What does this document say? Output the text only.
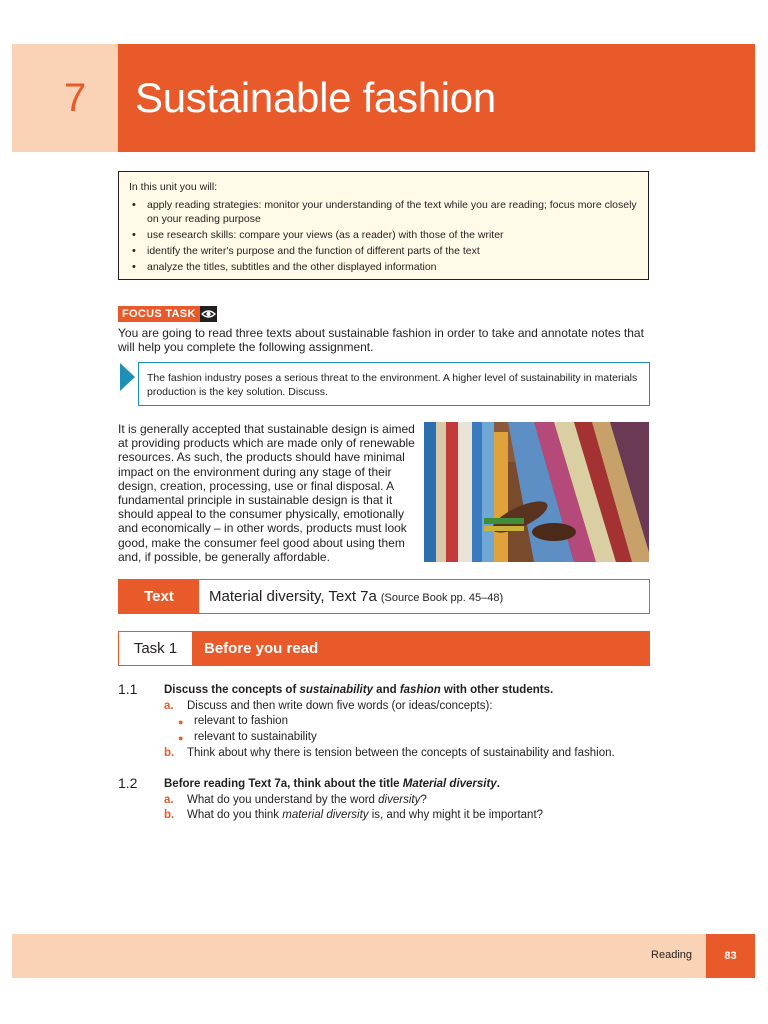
7 Sustainable fashion
In this unit you will:
• apply reading strategies: monitor your understanding of the text while you are reading; focus more closely on your reading purpose
• use research skills: compare your views (as a reader) with those of the writer
• identify the writer's purpose and the function of different parts of the text
• analyze the titles, subtitles and the other displayed information
FOCUS TASK
You are going to read three texts about sustainable fashion in order to take and annotate notes that will help you complete the following assignment.
The fashion industry poses a serious threat to the environment. A higher level of sustainability in materials production is the key solution. Discuss.
It is generally accepted that sustainable design is aimed at providing products which are made only of renewable resources. As such, the products should have minimal impact on the environment during any stage of their design, creation, processing, use or final disposal. A fundamental principle in sustainable design is that it should appeal to the consumer physically, emotionally and economically – in other words, products must look good, make the consumer feel good about using them and, if possible, be generally affordable.
Text	Material diversity, Text 7a (Source Book pp. 45–48)
Task 1	Before you read
1.1 Discuss the concepts of sustainability and fashion with other students.
a. Discuss and then write down five words (or ideas/concepts):
● relevant to fashion
● relevant to sustainability
b. Think about why there is tension between the concepts of sustainability and fashion.
1.2 Before reading Text 7a, think about the title Material diversity.
a. What do you understand by the word diversity?
b. What do you think material diversity is, and why might it be important?
Reading	83
